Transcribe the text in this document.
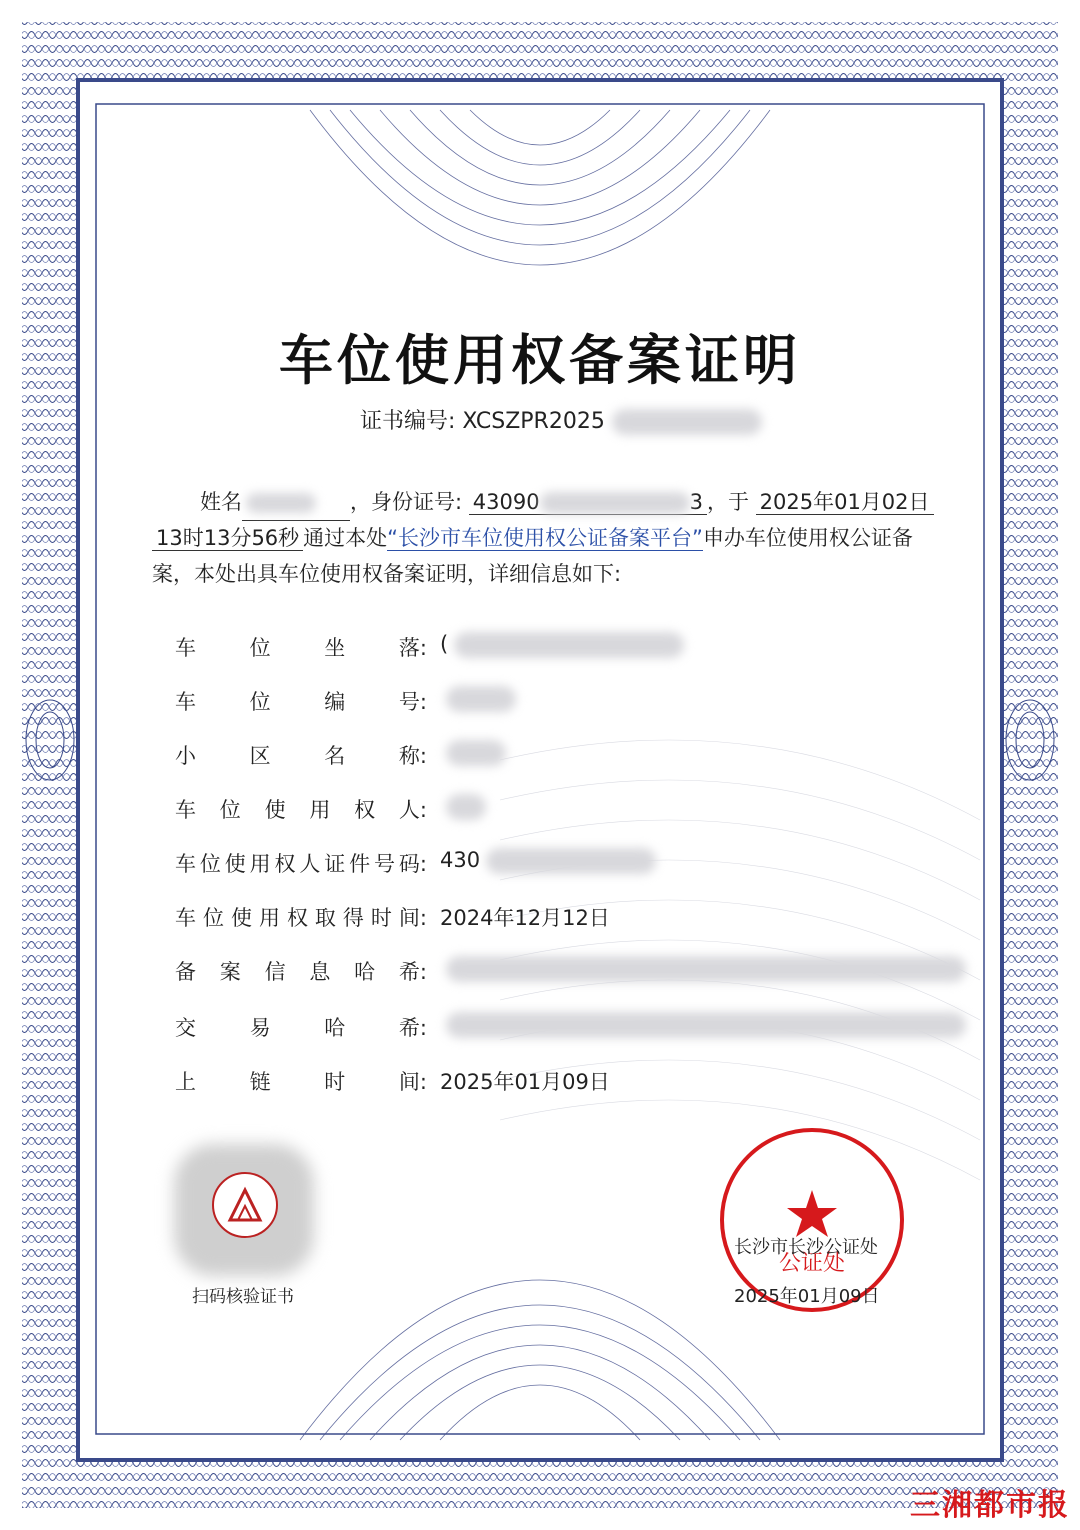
车位使用权备案证明
证书编号: XCSZPR2025
姓名	，身份证号: 43090	3 ，于 2025年01月02日
13时13分56秒 通过本处“长沙市车位使用权公证备案平台”申办车位使用权公证备
案，本处出具车位使用权备案证明，详细信息如下:
车	位	坐	落: (
车	位	编	号:
小	区	名	称:
车 位 使 用 权 人:
车 位 使 用 权 人 证 件 号 码: 430
车 位 使 用 权 取 得 时 间: 2024年12月12日
备 案 信 息 哈 希:
交	易	哈	希:
上	链	时	间: 2025年01月09日
扫码核验证书
公证处
长沙市长沙公证处
2025年01月09日
三湘都市报
